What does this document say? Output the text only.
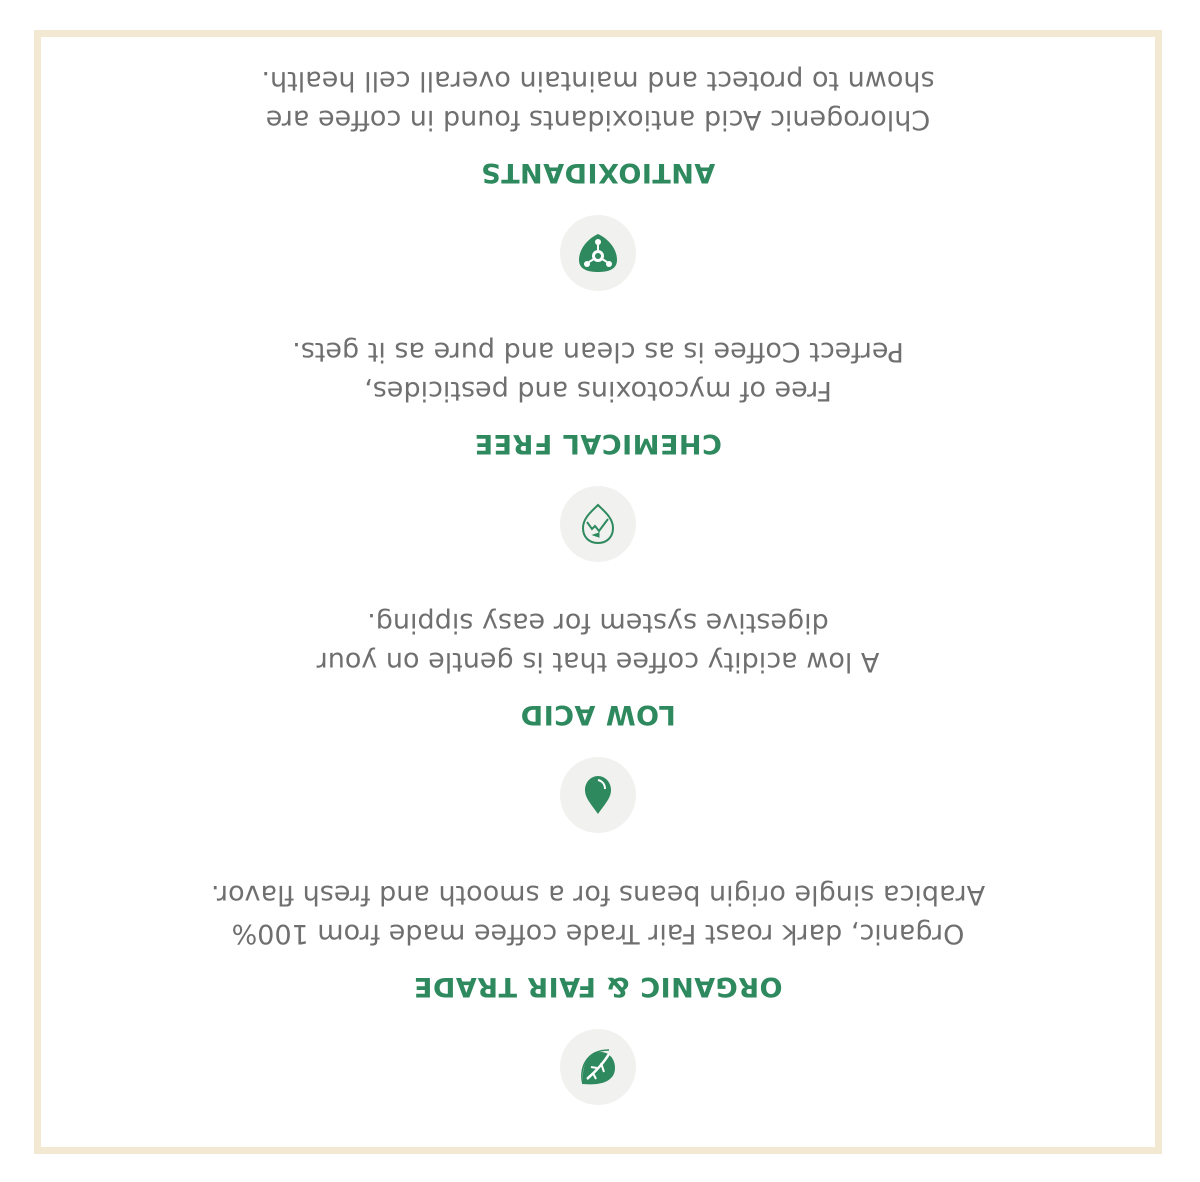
ORGANIC & FAIR TRADE
Organic, dark roast Fair Trade coffee made from 100%
Arabica single origin beans for a smooth and fresh flavor.
LOW ACID
A low acidity coffee that is gentle on your
digestive system for easy sipping.
CHEMICAL FREE
Free of mycotoxins and pesticides,
Perfect Coffee is as clean and pure as it gets.
ANTIOXIDANTS
Chlorogenic Acid antioxidants found in coffee are
shown to protect and maintain overall cell health.
